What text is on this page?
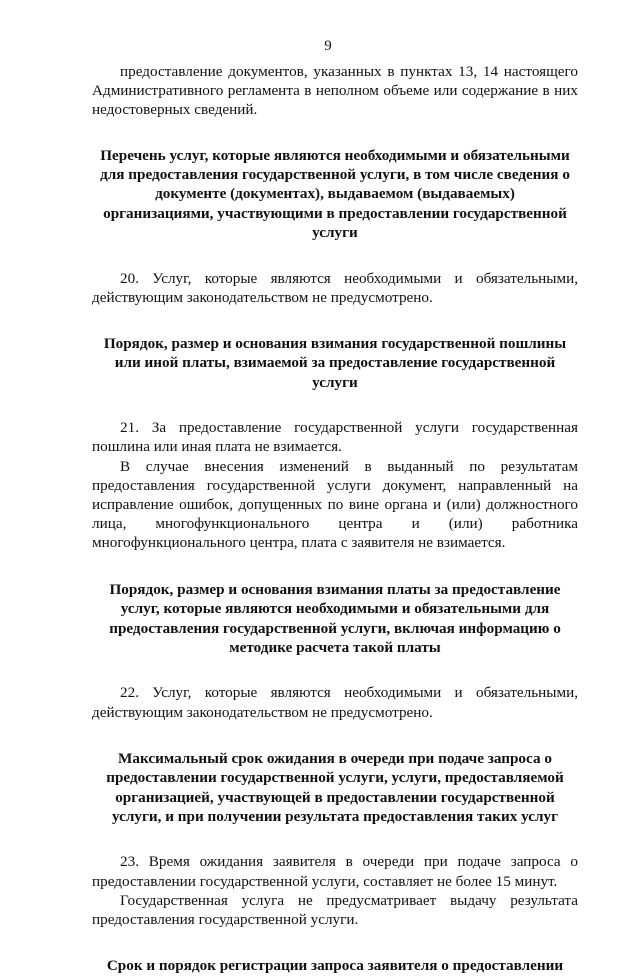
9

предоставление документов, указанных в пунктах 13, 14 настоящего Административного регламента в неполном объеме или содержание в них недостоверных сведений.

Перечень услуг, которые являются необходимыми и обязательными для предоставления государственной услуги, в том числе сведения о документе (документах), выдаваемом (выдаваемых) организациями, участвующими в предоставлении государственной услуги

20. Услуг, которые являются необходимыми и обязательными, действующим законодательством не предусмотрено.

Порядок, размер и основания взимания государственной пошлины или иной платы, взимаемой за предоставление государственной услуги

21. За предоставление государственной услуги государственная пошлина или иная плата не взимается.

В случае внесения изменений в выданный по результатам предоставления государственной услуги документ, направленный на исправление ошибок, допущенных по вине органа и (или) должностного лица, многофункционального центра и (или) работника многофункционального центра, плата с заявителя не взимается.

Порядок, размер и основания взимания платы за предоставление услуг, которые являются необходимыми и обязательными для предоставления государственной услуги, включая информацию о методике расчета такой платы

22. Услуг, которые являются необходимыми и обязательными, действующим законодательством не предусмотрено.

Максимальный срок ожидания в очереди при подаче запроса о предоставлении государственной услуги, услуги, предоставляемой организацией, участвующей в предоставлении государственной услуги, и при получении результата предоставления таких услуг

23. Время ожидания заявителя в очереди при подаче запроса о предоставлении государственной услуги, составляет не более 15 минут.

Государственная услуга не предусматривает выдачу результата предоставления государственной услуги.

Срок и порядок регистрации запроса заявителя о предоставлении
